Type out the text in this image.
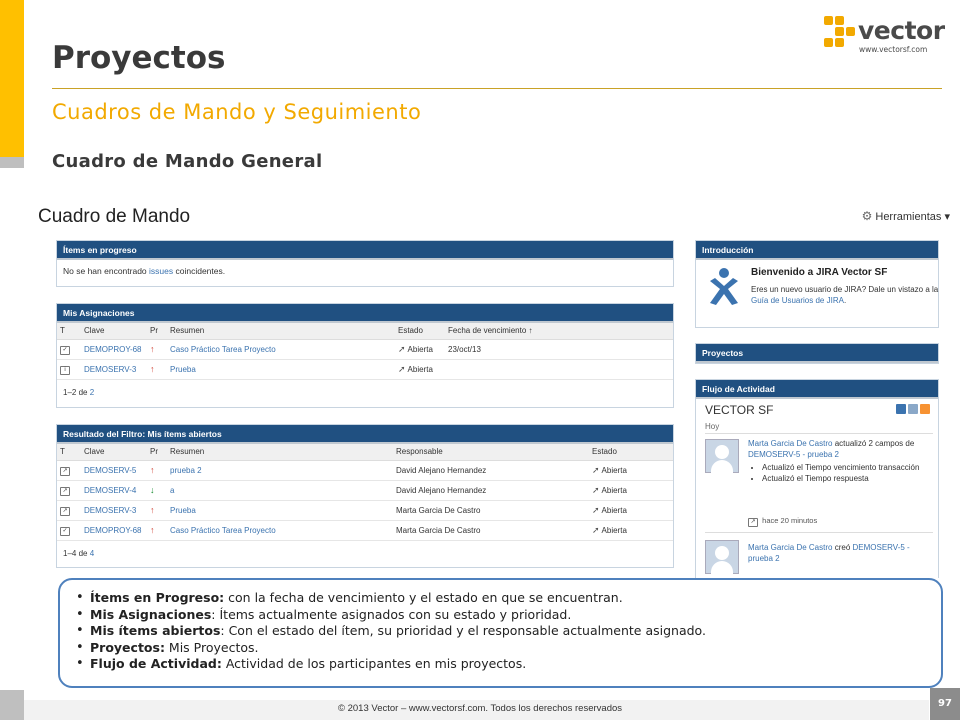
vector
www.vectorsf.com
Proyectos
Cuadros de Mando y Seguimiento
Cuadro de Mando General
Cuadro de Mando	⚙ Herramientas ▾
Ítems en progreso
No se han encontrado issues coincidentes.
Mis Asignaciones
T	Clave	Pr	Resumen	Estado	Fecha de vencimiento ↑
✓	DEMOPROY-68	↑	Caso Práctico Tarea Proyecto	➚ Abierta	23/oct/13
i	DEMOSERV-3	↑	Prueba	➚ Abierta	
1–2 de 2
Resultado del Filtro: Mis ítems abiertos
T	Clave	Pr	Resumen	Responsable	Estado
↗	DEMOSERV-5	↑	prueba 2	David Alejano Hernandez	➚ Abierta
↗	DEMOSERV-4	↓	a	David Alejano Hernandez	➚ Abierta
↗	DEMOSERV-3	↑	Prueba	Marta Garcia De Castro	➚ Abierta
✓	DEMOPROY-68	↑	Caso Práctico Tarea Proyecto	Marta Garcia De Castro	➚ Abierta
1–4 de 4
Introducción
Bienvenido a JIRA Vector SF
Eres un nuevo usuario de JIRA? Dale un vistazo a la Guía de Usuarios de JIRA.
Proyectos
Flujo de Actividad
VECTOR SF
Hoy
Marta Garcia De Castro actualizó 2 campos de DEMOSERV-5 - prueba 2
• Actualizó el Tiempo vencimiento transacción
• Actualizó el Tiempo respuesta
↗ hace 20 minutos
Marta Garcia De Castro creó DEMOSERV-5 - prueba 2
• Ítems en Progreso: con la fecha de vencimiento y el estado en que se encuentran.
• Mis Asignaciones: Ítems actualmente asignados con su estado y prioridad.
• Mis ítems abiertos: Con el estado del ítem, su prioridad y el responsable actualmente asignado.
• Proyectos: Mis Proyectos.
• Flujo de Actividad: Actividad de los participantes en mis proyectos.
© 2013 Vector – www.vectorsf.com. Todos los derechos reservados	97
